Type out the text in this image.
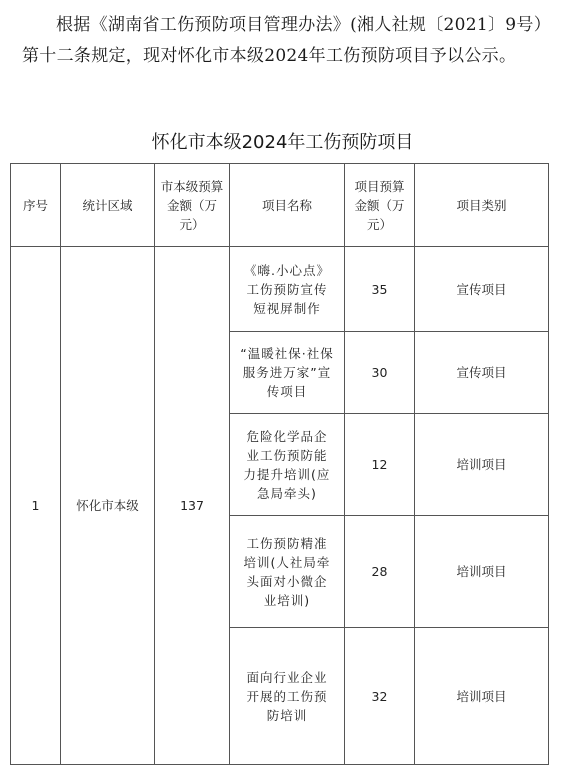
根据《湖南省工伤预防项目管理办法》(湘人社规〔2021〕9号）第十二条规定，现对怀化市本级2024年工伤预防项目予以公示。

怀化市本级2024年工伤预防项目
序号	统计区域	市本级预算金额（万元）	项目名称	项目预算金额（万元）	项目类别
1	怀化市本级	137	《嗨.小心点》工伤预防宣传短视屏制作	35	宣传项目
			“温暖社保·社保服务进万家”宣传项目	30	宣传项目
			危险化学品企业工伤预防能力提升培训(应急局牵头)	12	培训项目
			工伤预防精准培训(人社局牵头面对小微企业培训)	28	培训项目
			面向行业企业开展的工伤预防培训	32	培训项目
